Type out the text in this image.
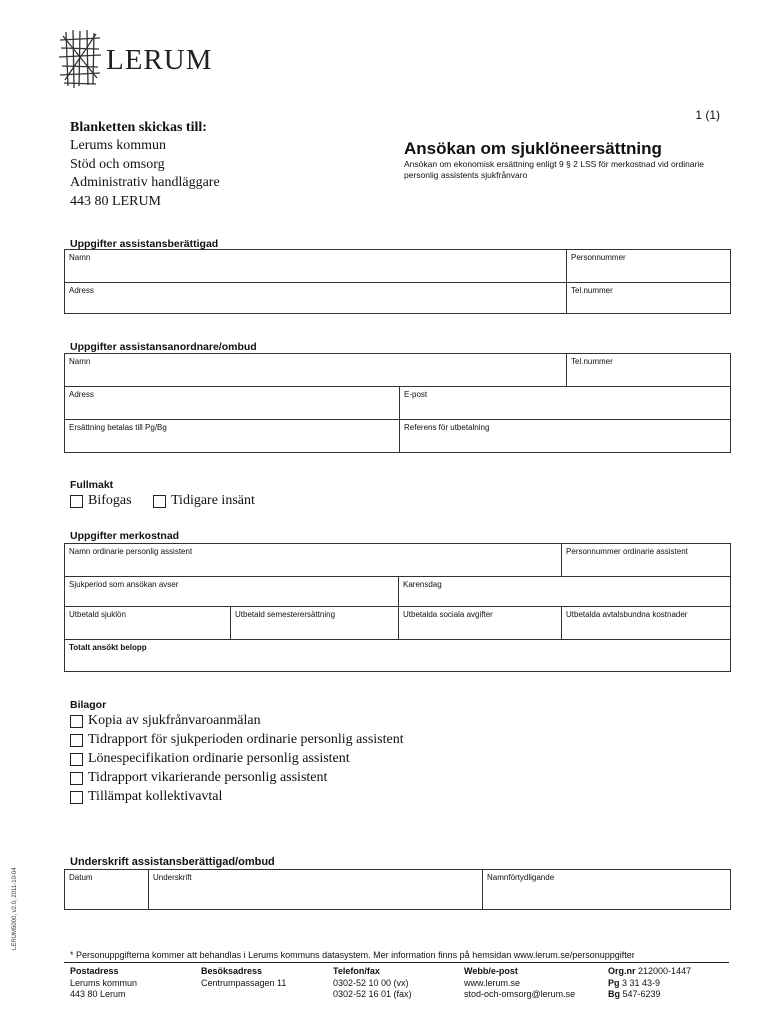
LERUM
1 (1)
Blanketten skickas till:
Lerums kommun
Stöd och omsorg
Administrativ handläggare
443 80 LERUM
Ansökan om sjuklöneersättning
Ansökan om ekonomisk ersättning enligt 9 § 2 LSS för merkostnad vid ordinarie personlig assistents sjukfrånvaro
Uppgifter assistansberättigad
Namn	Personnummer
Adress	Tel.nummer
Uppgifter assistansanordnare/ombud
Namn		Tel.nummer
Adress	E-post	
Ersättning betalas till Pg/Bg	Referens för utbetalning	
Fullmakt
Bifogas	Tidigare insänt
Uppgifter merkostnad
Namn ordinarie personlig assistent			Personnummer ordinarie assistent
Sjukperiod som ansökan avser		Karensdag	
Utbetald sjuklön	Utbetald semesterersättning	Utbetalda sociala avgifter	Utbetalda avtalsbundna kostnader
Totalt ansökt belopp			
Bilagor
Kopia av sjukfrånvaroanmälan
Tidrapport för sjukperioden ordinarie personlig assistent
Lönespecifikation ordinarie personlig assistent
Tidrapport vikarierande personlig assistent
Tillämpat kollektivavtal
Underskrift assistansberättigad/ombud
Datum	Underskrift	Namnförtydligande
LERUM5000, v2.0, 2011-10-04
* Personuppgifterna kommer att behandlas i Lerums kommuns datasystem. Mer information finns på hemsidan www.lerum.se/personuppgifter
Postadress
Lerums kommun
443 80 Lerum
Besöksadress
Centrumpassagen 11
Telefon/fax
0302-52 10 00 (vx)
0302-52 16 01 (fax)
Webb/e-post
www.lerum.se
stod-och-omsorg@lerum.se
Org.nr 212000-1447
Pg 3 31 43-9
Bg 547-6239
